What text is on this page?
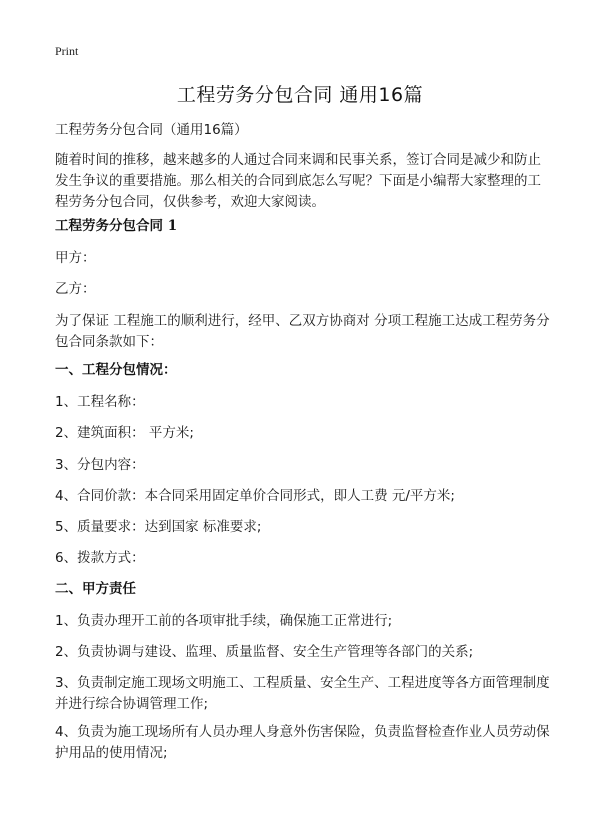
Print
工程劳务分包合同 通用16篇
工程劳务分包合同（通用16篇）
随着时间的推移，越来越多的人通过合同来调和民事关系，签订合同是减少和防止发生争议的重要措施。那么相关的合同到底怎么写呢？下面是小编帮大家整理的工程劳务分包合同，仅供参考，欢迎大家阅读。
工程劳务分包合同 1
甲方：
乙方：
为了保证 工程施工的顺利进行，经甲、乙双方协商对 分项工程施工达成工程劳务分包合同条款如下：
一、工程分包情况：
1、工程名称：
2、建筑面积： 平方米;
3、分包内容：
4、合同价款：本合同采用固定单价合同形式，即人工费 元/平方米;
5、质量要求：达到国家 标准要求;
6、拨款方式：
二、甲方责任
1、负责办理开工前的各项审批手续，确保施工正常进行;
2、负责协调与建设、监理、质量监督、安全生产管理等各部门的关系;
3、负责制定施工现场文明施工、工程质量、安全生产、工程进度等各方面管理制度并进行综合协调管理工作;
4、负责为施工现场所有人员办理人身意外伤害保险，负责监督检查作业人员劳动保护用品的使用情况;
